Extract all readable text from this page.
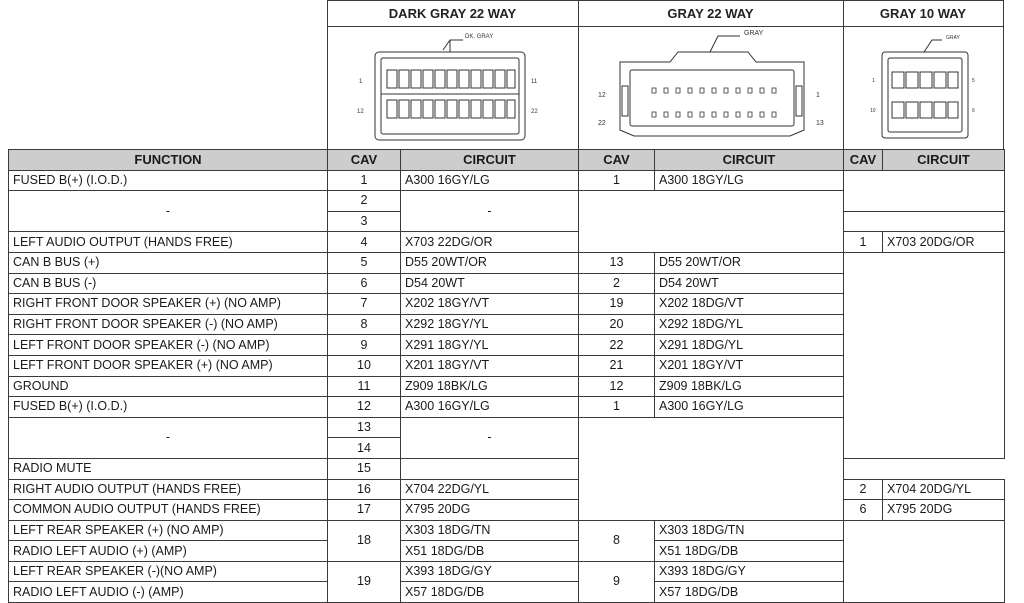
DARK GRAY 22 WAY	GRAY 22 WAY	GRAY 10 WAY
DK. GRAY
1
12
11
22
GRAY
12
22
1
13
GRAY
1	5
10	6
FUNCTION	CAV	CIRCUIT	CAV	CIRCUIT	CAV	CIRCUIT
FUSED B(+) (I.O.D.)	1	A300 16GY/LG	1	A300 18GY/LG		
-	2	-				
	3					
LEFT AUDIO OUTPUT (HANDS FREE)	4	X703 22DG/OR			1	X703 20DG/OR
CAN B BUS (+)	5	D55 20WT/OR	13	D55 20WT/OR		
CAN B BUS (-)	6	D54 20WT	2	D54 20WT		
RIGHT FRONT DOOR SPEAKER (+) (NO AMP)	7	X202 18GY/VT	19	X202 18DG/VT		
RIGHT FRONT DOOR SPEAKER (-) (NO AMP)	8	X292 18GY/YL	20	X292 18DG/YL		
LEFT FRONT DOOR SPEAKER (-) (NO AMP)	9	X291 18GY/YL	22	X291 18DG/YL		
LEFT FRONT DOOR SPEAKER (+) (NO AMP)	10	X201 18GY/VT	21	X201 18GY/VT		
GROUND	11	Z909 18BK/LG	12	Z909 18BK/LG		
FUSED B(+) (I.O.D.)	12	A300 16GY/LG	1	A300 16GY/LG		
-	13	-				
	14					
RADIO MUTE	15					
RIGHT AUDIO OUTPUT (HANDS FREE)	16	X704 22DG/YL			2	X704 20DG/YL
COMMON AUDIO OUTPUT (HANDS FREE)	17	X795 20DG			6	X795 20DG
LEFT REAR SPEAKER (+) (NO AMP)	18	X303 18DG/TN	8	X303 18DG/TN		
RADIO LEFT AUDIO (+) (AMP)		X51 18DG/DB		X51 18DG/DB		
LEFT REAR SPEAKER (-)(NO AMP)	19	X393 18DG/GY	9	X393 18DG/GY		
RADIO LEFT AUDIO (-) (AMP)		X57 18DG/DB		X57 18DG/DB		
